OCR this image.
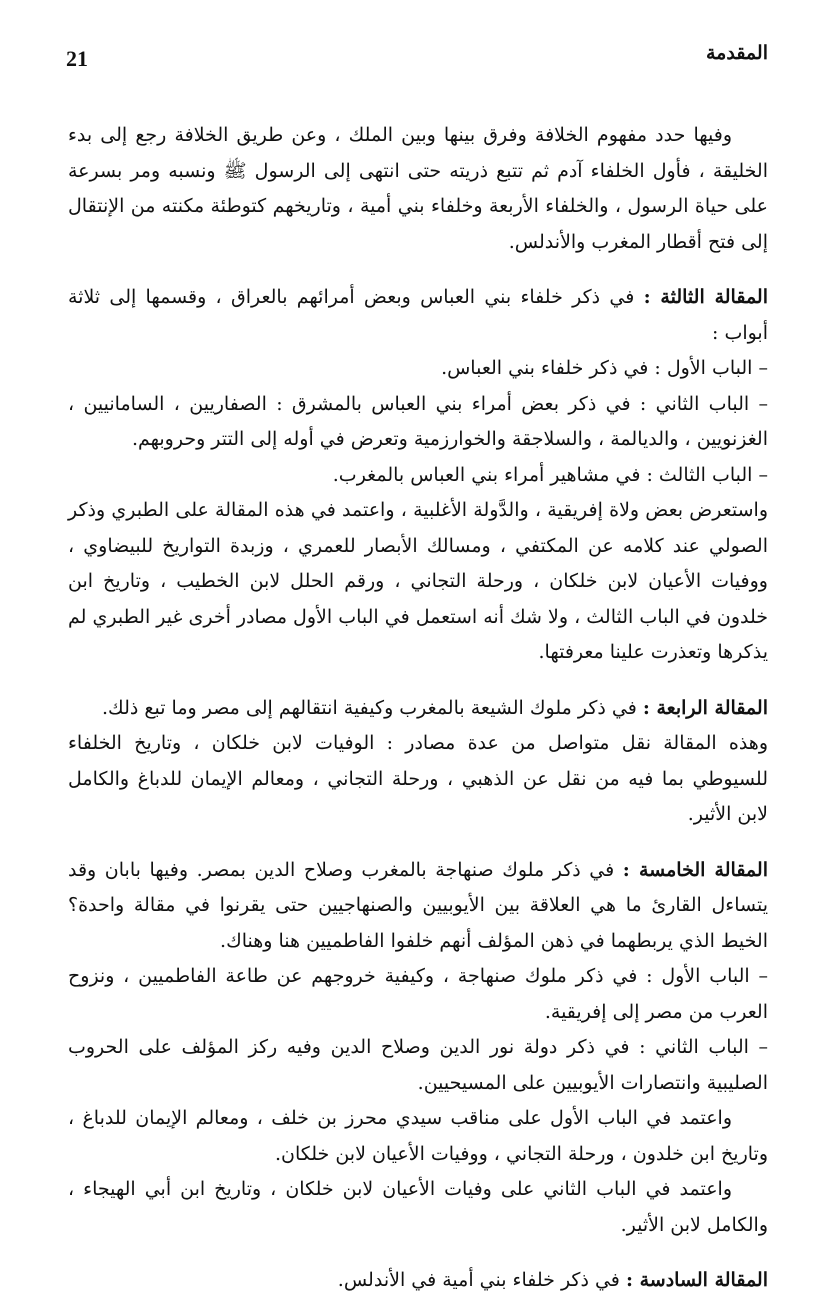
21	المقدمة

وفيها حدد مفهوم الخلافة وفرق بينها وبين الملك ، وعن طريق الخلافة رجع إلى بدء الخليقة ، فأول الخلفاء آدم ثم تتبع ذريته حتى انتهى إلى الرسول ﷺ ونسبه ومر بسرعة على حياة الرسول ، والخلفاء الأربعة وخلفاء بني أمية ، وتاريخهم كتوطئة مكنته من الإنتقال إلى فتح أقطار المغرب والأندلس.

المقالة الثالثة : في ذكر خلفاء بني العباس وبعض أمرائهم بالعراق ، وقسمها إلى ثلاثة أبواب :

– الباب الأول : في ذكر خلفاء بني العباس.

– الباب الثاني : في ذكر بعض أمراء بني العباس بالمشرق : الصفاريين ، السامانيين ، الغزنويين ، والديالمة ، والسلاجقة والخوارزمية وتعرض في أوله إلى التتر وحروبهم.

– الباب الثالث : في مشاهير أمراء بني العباس بالمغرب.

واستعرض بعض ولاة إفريقية ، والدَّولة الأغلبية ، واعتمد في هذه المقالة على الطبري وذكر الصولي عند كلامه عن المكتفي ، ومسالك الأبصار للعمري ، وزبدة التواريخ للبيضاوي ، ووفيات الأعيان لابن خلكان ، ورحلة التجاني ، ورقم الحلل لابن الخطيب ، وتاريخ ابن خلدون في الباب الثالث ، ولا شك أنه استعمل في الباب الأول مصادر أخرى غير الطبري لم يذكرها وتعذرت علينا معرفتها.

المقالة الرابعة : في ذكر ملوك الشيعة بالمغرب وكيفية انتقالهم إلى مصر وما تبع ذلك.

وهذه المقالة نقل متواصل من عدة مصادر : الوفيات لابن خلكان ، وتاريخ الخلفاء للسيوطي بما فيه من نقل عن الذهبي ، ورحلة التجاني ، ومعالم الإيمان للدباغ والكامل لابن الأثير.

المقالة الخامسة : في ذكر ملوك صنهاجة بالمغرب وصلاح الدين بمصر. وفيها بابان وقد يتساءل القارئ ما هي العلاقة بين الأيوبيين والصنهاجيين حتى يقرنوا في مقالة واحدة؟ الخيط الذي يربطهما في ذهن المؤلف أنهم خلفوا الفاطميين هنا وهناك.

– الباب الأول : في ذكر ملوك صنهاجة ، وكيفية خروجهم عن طاعة الفاطميين ، ونزوح العرب من مصر إلى إفريقية.

– الباب الثاني : في ذكر دولة نور الدين وصلاح الدين وفيه ركز المؤلف على الحروب الصليبية وانتصارات الأيوبيين على المسيحيين.

واعتمد في الباب الأول على مناقب سيدي محرز بن خلف ، ومعالم الإيمان للدباغ ، وتاريخ ابن خلدون ، ورحلة التجاني ، ووفيات الأعيان لابن خلكان.

واعتمد في الباب الثاني على وفيات الأعيان لابن خلكان ، وتاريخ ابن أبي الهيجاء ، والكامل لابن الأثير.

المقالة السادسة : في ذكر خلفاء بني أمية في الأندلس.
